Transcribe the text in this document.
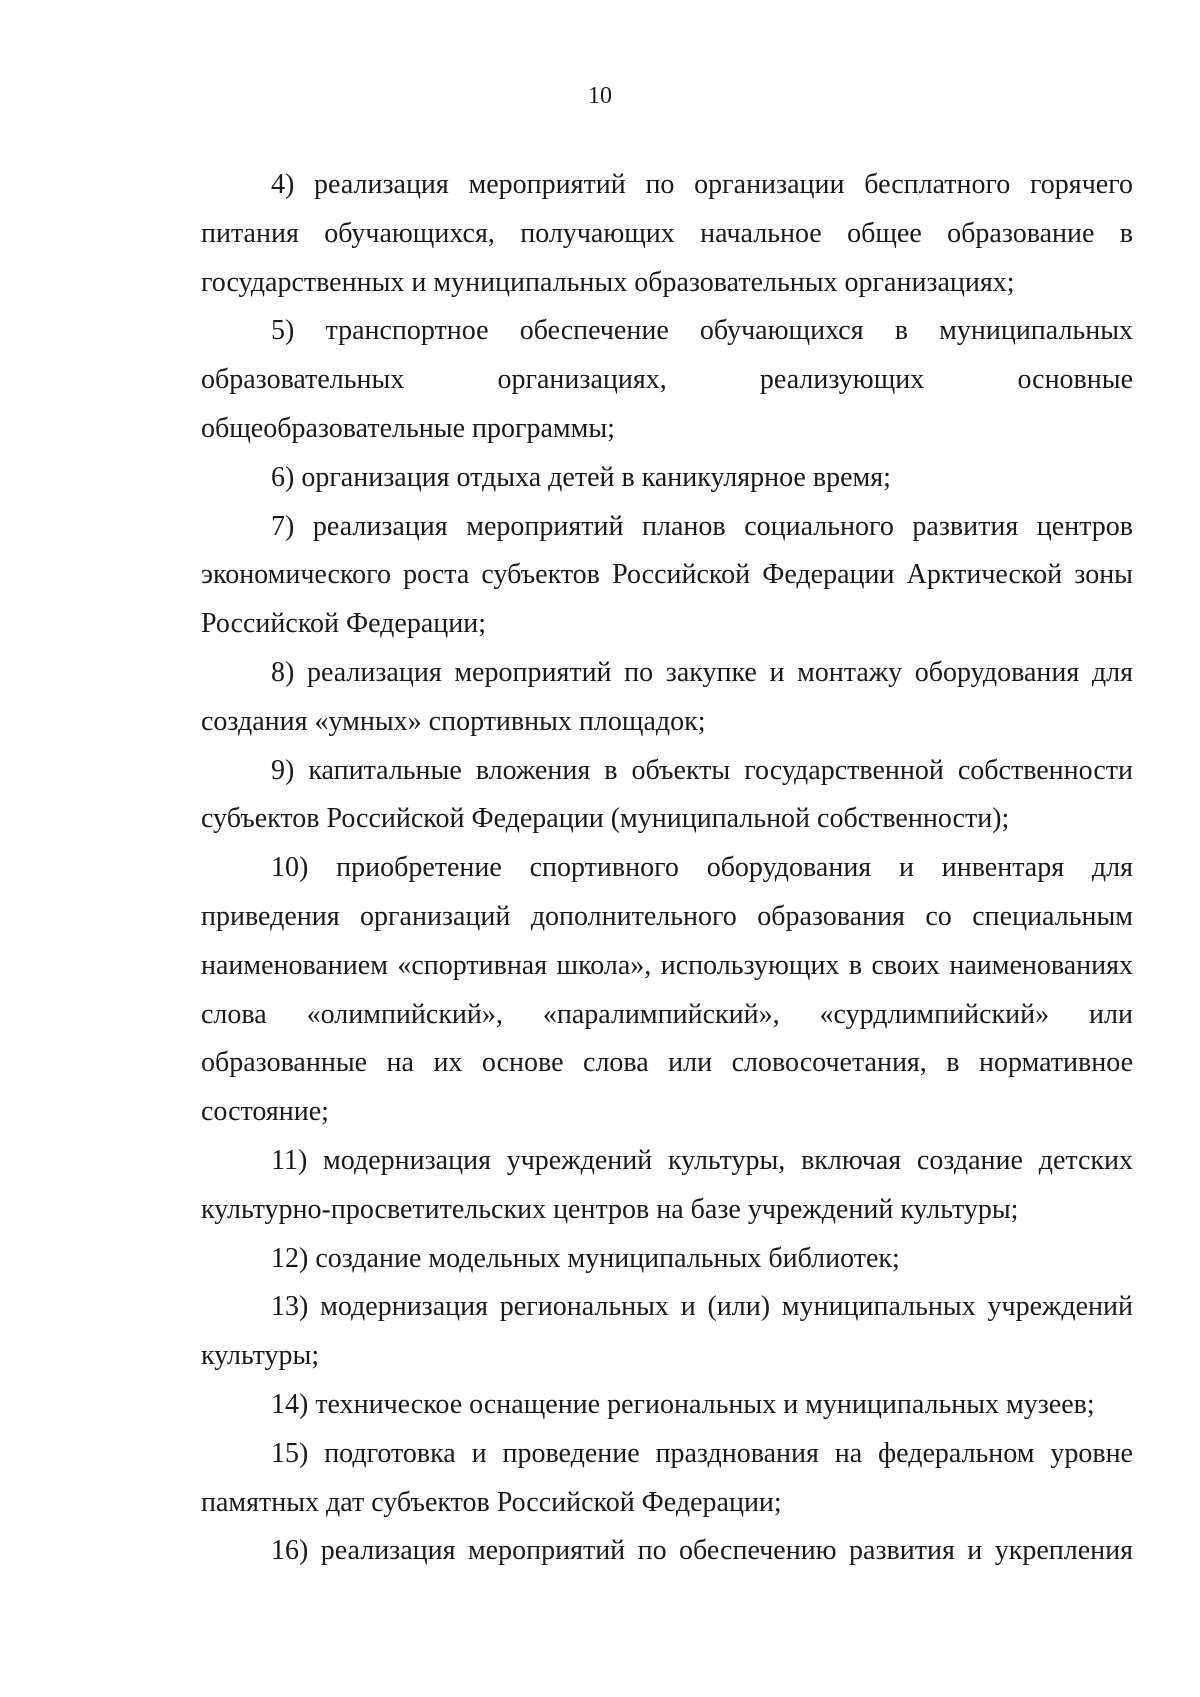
10

4) реализация мероприятий по организации бесплатного горячего питания обучающихся, получающих начальное общее образование в государственных и муниципальных образовательных организациях;

5) транспортное обеспечение обучающихся в муниципальных образовательных организациях, реализующих основные общеобразовательные программы;

6) организация отдыха детей в каникулярное время;

7) реализация мероприятий планов социального развития центров экономического роста субъектов Российской Федерации Арктической зоны Российской Федерации;

8) реализация мероприятий по закупке и монтажу оборудования для создания «умных» спортивных площадок;

9) капитальные вложения в объекты государственной собственности субъектов Российской Федерации (муниципальной собственности);

10) приобретение спортивного оборудования и инвентаря для приведения организаций дополнительного образования со специальным наименованием «спортивная школа», использующих в своих наименованиях слова «олимпийский», «паралимпийский», «сурдлимпийский» или образованные на их основе слова или словосочетания, в нормативное состояние;

11) модернизация учреждений культуры, включая создание детских культурно-просветительских центров на базе учреждений культуры;

12) создание модельных муниципальных библиотек;

13) модернизация региональных и (или) муниципальных учреждений культуры;

14) техническое оснащение региональных и муниципальных музеев;

15) подготовка и проведение празднования на федеральном уровне памятных дат субъектов Российской Федерации;

16) реализация мероприятий по обеспечению развития и укрепления
